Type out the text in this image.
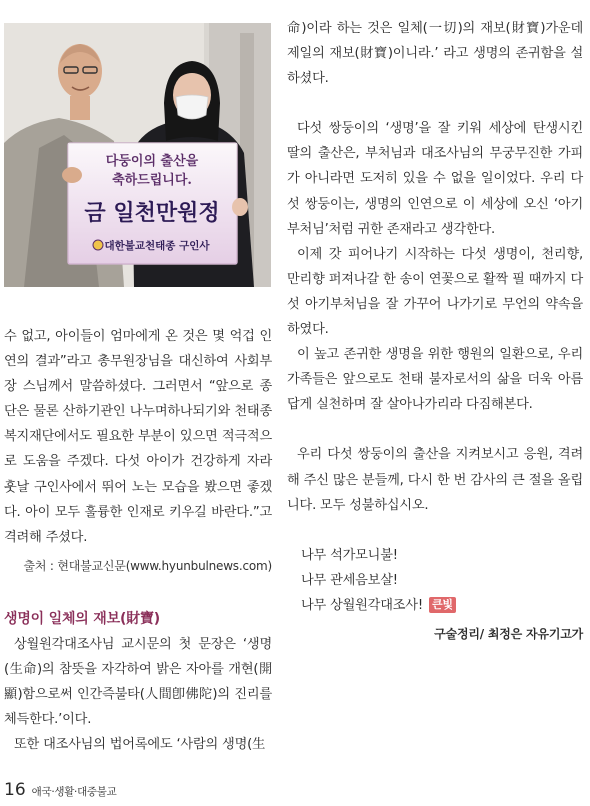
다둥이의 출산을
축하드립니다.
금 일천만원정
대한불교천태종 구인사

수 없고, 아이들이 엄마에게 온 것은 몇 억겁 인연의 결과”라고 총무원장님을 대신하여 사회부장 스님께서 말씀하셨다. 그러면서 “앞으로 종단은 물론 산하기관인 나누며하나되기와 천태종복지재단에서도 필요한 부분이 있으면 적극적으로 도움을 주겠다. 다섯 아이가 건강하게 자라 훗날 구인사에서 뛰어 노는 모습을 봤으면 좋겠다. 아이 모두 훌륭한 인재로 키우길 바란다.”고 격려해 주셨다.

출처 : 현대불교신문(www.hyunbulnews.com)

생명이 일체의 재보(財寶)

상월원각대조사님 교시문의 첫 문장은 ‘생명(生命)의 참뜻을 자각하여 밝은 자아를 개현(開顯)함으로써 인간즉불타(人間卽佛陀)의 진리를 체득한다.’이다.

또한 대조사님의 법어록에도 ‘사람의 생명(生

命)이라 하는 것은 일체(一切)의 재보(財寶)가운데 제일의 재보(財寶)이니라.’ 라고 생명의 존귀함을 설하셨다.

다섯 쌍둥이의 ‘생명’을 잘 키워 세상에 탄생시킨 딸의 출산은, 부처님과 대조사님의 무궁무진한 가피가 아니라면 도저히 있을 수 없을 일이었다. 우리 다섯 쌍둥이는, 생명의 인연으로 이 세상에 오신 ‘아기부처님’처럼 귀한 존재라고 생각한다.

이제 갓 피어나기 시작하는 다섯 생명이, 천리향, 만리향 퍼져나갈 한 송이 연꽃으로 활짝 필 때까지 다섯 아기부처님을 잘 가꾸어 나가기로 무언의 약속을 하였다.

이 높고 존귀한 생명을 위한 행원의 일환으로, 우리 가족들은 앞으로도 천태 불자로서의 삶을 더욱 아름답게 실천하며 잘 살아나가리라 다짐해본다.

우리 다섯 쌍둥이의 출산을 지켜보시고 응원, 격려해 주신 많은 분들께, 다시 한 번 감사의 큰 절을 올립니다. 모두 성불하십시오.

나무 석가모니불!

나무 관세음보살!

나무 상월원각대조사! 큰빛

구술정리/ 최정은 자유기고가

16 애국·생활·대중불교
